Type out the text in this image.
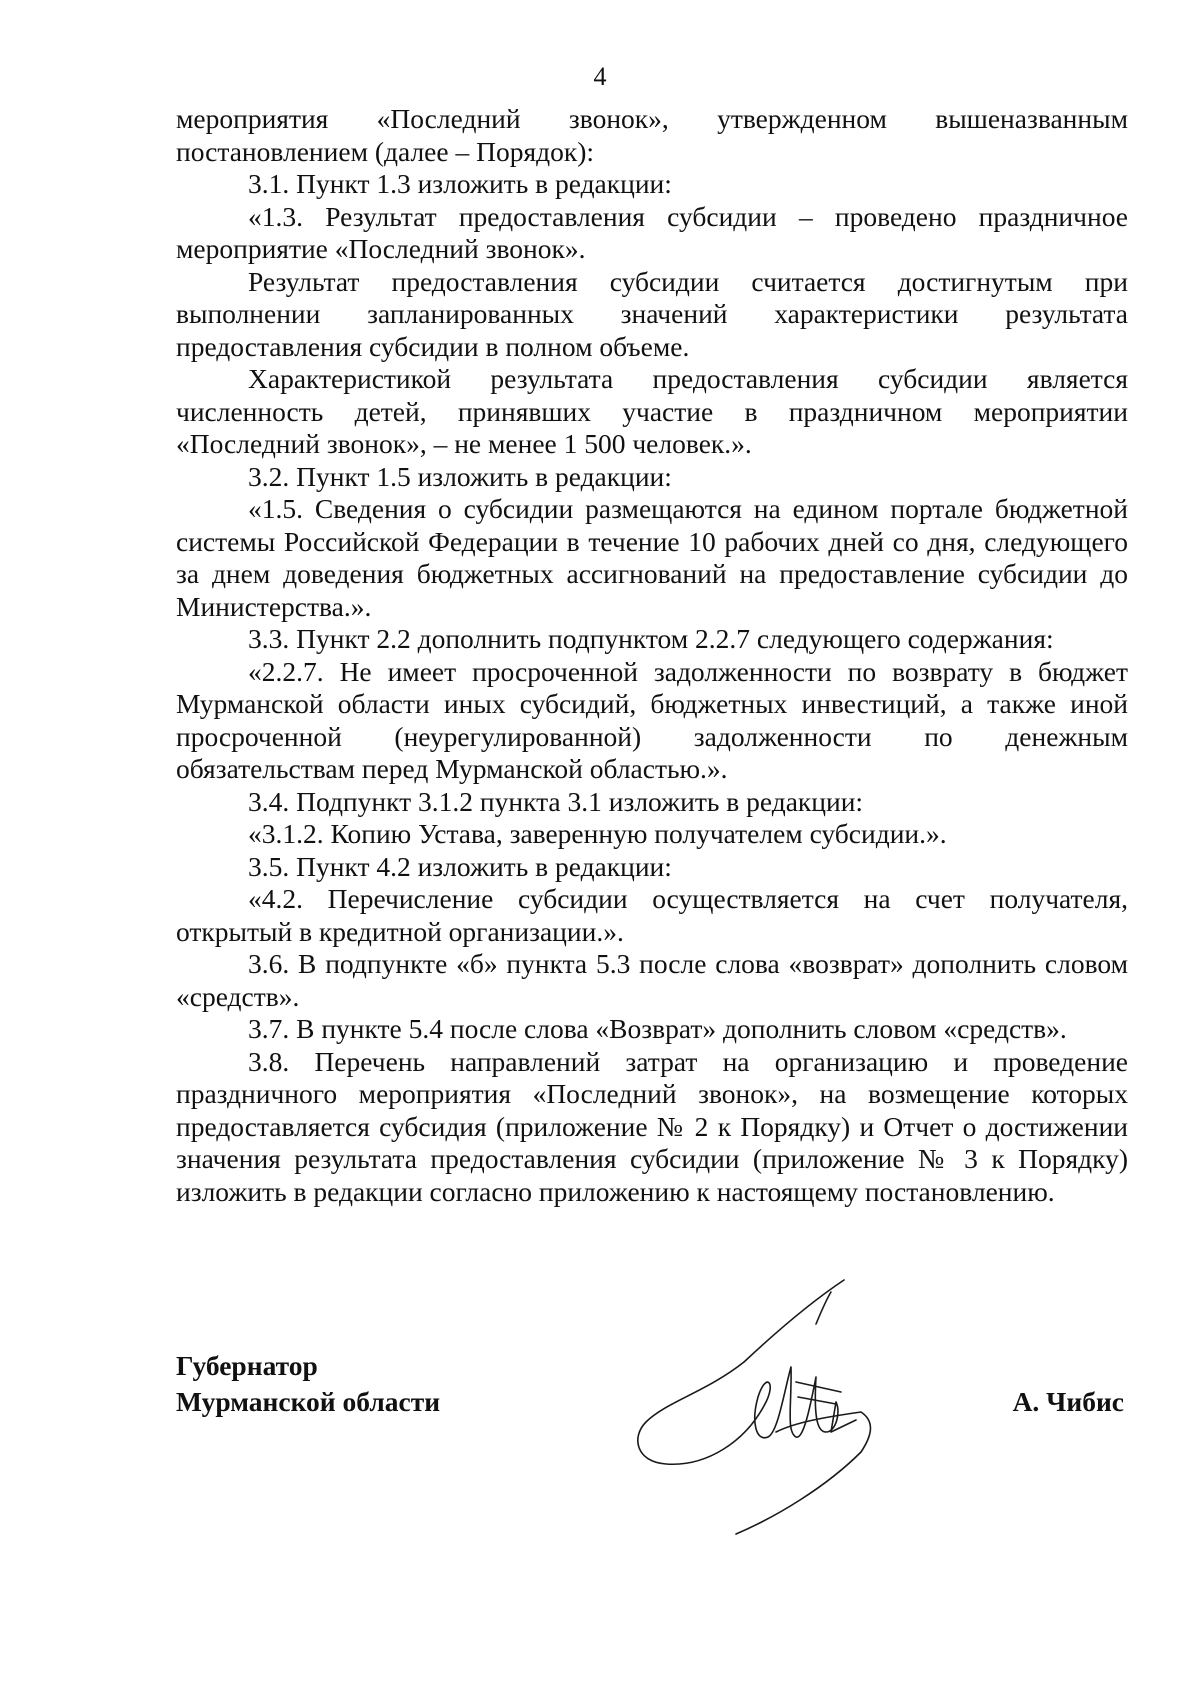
4

мероприятия «Последний звонок», утвержденном вышеназванным постановлением (далее – Порядок):

3.1. Пункт 1.3 изложить в редакции:

«1.3. Результат предоставления субсидии – проведено праздничное мероприятие «Последний звонок».

Результат предоставления субсидии считается достигнутым при выполнении запланированных значений характеристики результата предоставления субсидии в полном объеме.

Характеристикой результата предоставления субсидии является численность детей, принявших участие в праздничном мероприятии «Последний звонок», – не менее 1 500 человек.».

3.2. Пункт 1.5 изложить в редакции:

«1.5. Сведения о субсидии размещаются на едином портале бюджетной системы Российской Федерации в течение 10 рабочих дней со дня, следующего за днем доведения бюджетных ассигнований на предоставление субсидии до Министерства.».

3.3. Пункт 2.2 дополнить подпунктом 2.2.7 следующего содержания:

«2.2.7. Не имеет просроченной задолженности по возврату в бюджет Мурманской области иных субсидий, бюджетных инвестиций, а также иной просроченной (неурегулированной) задолженности по денежным обязательствам перед Мурманской областью.».

3.4. Подпункт 3.1.2 пункта 3.1 изложить в редакции:

«3.1.2. Копию Устава, заверенную получателем субсидии.».

3.5. Пункт 4.2 изложить в редакции:

«4.2. Перечисление субсидии осуществляется на счет получателя, открытый в кредитной организации.».

3.6. В подпункте «б» пункта 5.3 после слова «возврат» дополнить словом «средств».

3.7. В пункте 5.4 после слова «Возврат» дополнить словом «средств».

3.8. Перечень направлений затрат на организацию и проведение праздничного мероприятия «Последний звонок», на возмещение которых предоставляется субсидия (приложение № 2 к Порядку) и Отчет о достижении значения результата предоставления субсидии (приложение № 3 к Порядку) изложить в редакции согласно приложению к настоящему постановлению.

Губернатор
Мурманской области	А. Чибис
